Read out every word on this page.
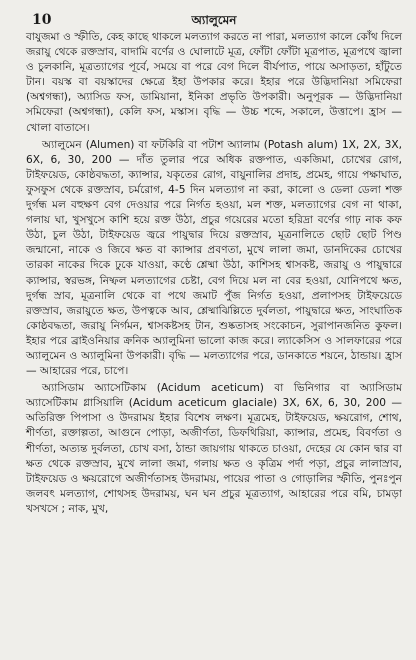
10	অ্যালুমেন

বাযুজমা ও স্ফীতি, কেহ কাছে থাকলে মলত্যাগ করতে না পারা, মলত্যাগ কালে কোঁথ দিলে জরায়ু থেকে রক্তস্রাব, বাদামি বর্ণের ও ঘোলাটে মূত্র, ফোঁটা ফোঁটা মূত্রপাত, মূত্রপথে জ্বালা ও চুলকানি, মূত্রত্যাগের পূর্বে, সময়ে বা পরে বেগ দিলে বীর্যপাত, পায়ে অসাড়তা, হাঁটুতে টান। বয়স্ক বা বয়স্কাদের ক্ষেত্রে ইহা উপকার করে। ইহার পরে উদ্ভিদানিয়া সমিফেরা (অশ্বগন্ধা), অ্যাসিড ফস, ডামিয়ানা, ইনিকা প্রভৃতি উপকারী। অনুপূরক — উদ্ভিদানিয়া সমিফেরা (অশ্বগন্ধা), কেলি ফস, মস্কাস। বৃদ্ধি — উচ্চ শব্দে, সকালে, উত্তাপে। হ্রাস — খোলা বাতাসে।

অ্যালুমেন (Alumen) বা ফটকিরি বা পটাশ অ্যালাম (Potash alum) 1X, 2X, 3X, 6X, 6, 30, 200 — দাঁত তুলার পরে অধিক রক্তপাত, একজিমা, চোখের রোগ, টাইফয়েড, কোষ্ঠবদ্ধতা, ক্যান্সার, যকৃতের রোগ, বায়ুনালির প্রদাহ, প্রমেহ, গায়ে পক্ষাঘাত, ফুসফুস থেকে রক্তস্রাব, চর্মরোগ, 4-5 দিন মলত্যাগ না করা, কালো ও ডেলা ডেলা শক্ত দুর্গন্ধ মল বহুক্ষণ বেগ দেওয়ার পরে নির্গত হওয়া, মল শক্ত, মলত্যাগের বেগ না থাকা, গলায় ঘা, খুসখুসে কাশি হয়ে রক্ত উঠা, প্রচুর গয়েরের মতো হরিদ্রা বর্ণের গাঢ় নাক কফ উঠা, চুল উঠা, টাইফয়েড জ্বরে পায়ুদ্বার দিয়ে রক্তস্রাব, মূত্রনালিতে ছোট ছোট পিণ্ড জন্মানো, নাকে ও জিবে ক্ষত বা ক্যান্সার প্রবণতা, মুখে লালা জমা, ডানদিকের চোখের তারকা নাকের দিকে ঢুকে যাওয়া, কণ্ঠে শ্লেষ্মা উঠা, কাশিসহ শ্বাসকষ্ট, জরায়ু ও পায়ুদ্বারে ক্যান্সার, স্বরভঙ্গ, নিষ্ফল মলত্যাগের চেষ্টা, বেগ দিয়ে মল না বের হওয়া, যোনিপথে ক্ষত, দুর্গন্ধ স্রাব, মূত্রনালি থেকে বা পথে জমাট পুঁজ নির্গত হওয়া, প্রলাপসহ টাইফয়েডে রক্তস্রাব, জরায়ুতে ক্ষত, উপত্বকে আব, শ্লেষ্মাঝিল্লিতে দুর্বলতা, পায়ুদ্বারে ক্ষত, সাংঘাতিক কোষ্ঠবদ্ধতা, জরায়ু নির্গমন, শ্বাসকষ্টসহ টান, শুষ্কতাসহ সংকোচন, সুরাপানজনিত কুফল। ইহার পরে ব্রাইওনিয়ার ক্রনিক অ্যালুমিনা ভালো কাজ করে। ল্যাকেসিস ও সালফারের পরে অ্যালুমেন ও অ্যালুমিনা উপকারী। বৃদ্ধি — মলত্যাগের পরে, ডানকাতে শয়নে, ঠান্ডায়। হ্রাস — আহারের পরে, চাপে।

অ্যাসিডাম অ্যাসেটিকাম (Acidum aceticum) বা ভিনিগার বা অ্যাসিডাম অ্যাসেটিকাম গ্লাসিয়ালি (Acidum aceticum glaciale) 3X, 6X, 6, 30, 200 — অতিরিক্ত পিপাসা ও উদরাময় ইহার বিশেষ লক্ষণ। মূত্রমেহ, টাইফয়েড, ক্ষয়রোগ, শোথ, শীর্ণতা, রক্তাল্পতা, আগুনে পোড়া, অজীর্ণতা, ডিফথিরিয়া, ক্যান্সার, প্রমেহ, বিবর্ণতা ও শীর্ণতা, অত্যন্ত দুর্বলতা, চোখ বসা, ঠান্ডা জায়গায় থাকতে চাওয়া, দেহের যে কোন দ্বার বা ক্ষত থেকে রক্তস্রাব, মুখে লালা জমা, গলায় ক্ষত ও কৃত্রিম পর্দা পড়া, প্রচুর লালাস্রাব, টাইফয়েড ও ক্ষয়রোগে অজীর্ণতাসহ উদরাময়, পায়ের পাতা ও গোড়ালির স্ফীতি, পুনঃপুন জলবৎ মলত্যাগ, শোথসহ উদরাময়, ঘন ঘন প্রচুর মূত্রত্যাগ, আহারের পরে বমি, চামড়া খসখসে ; নাক, মুখ,
